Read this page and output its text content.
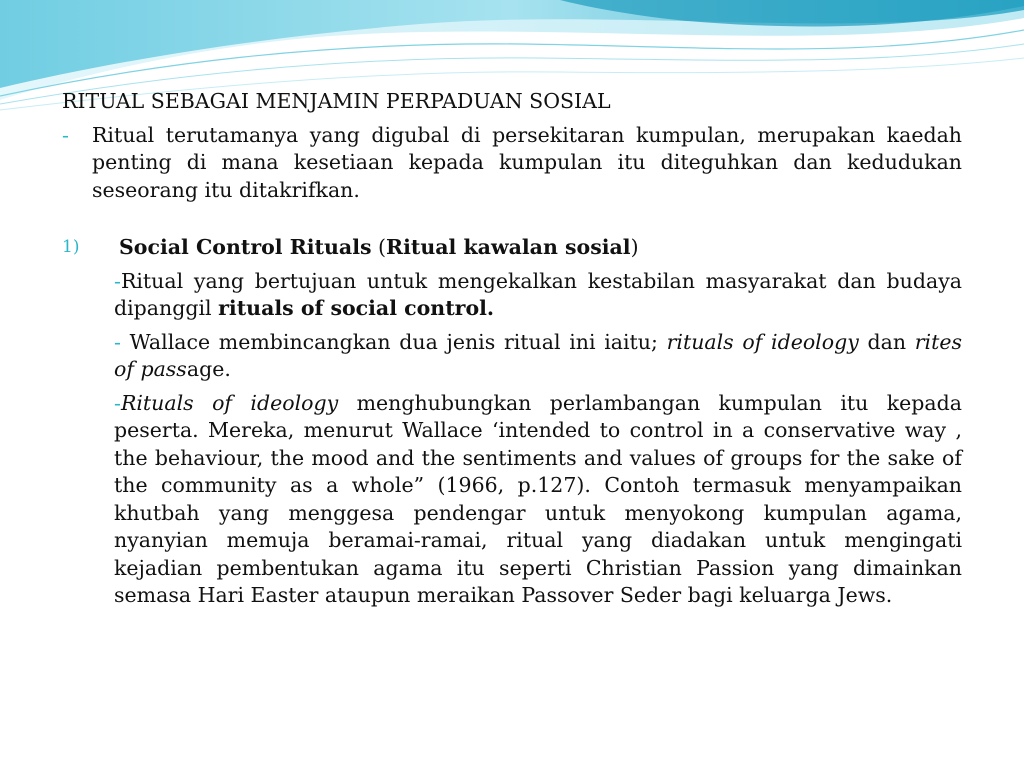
RITUAL SEBAGAI MENJAMIN PERPADUAN SOSIAL
- Ritual terutamanya yang digubal di persekitaran kumpulan, merupakan kaedah penting di mana kesetiaan kepada kumpulan itu diteguhkan dan kedudukan seseorang itu ditakrifkan.
1) Social Control Rituals (Ritual kawalan sosial)
-Ritual yang bertujuan untuk mengekalkan kestabilan masyarakat dan budaya dipanggil rituals of social control.
- Wallace membincangkan dua jenis ritual ini iaitu; rituals of ideology dan rites of passage.
-Rituals of ideology menghubungkan perlambangan kumpulan itu kepada peserta. Mereka, menurut Wallace ‘intended to control in a conservative way , the behaviour, the mood and the sentiments and values of groups for the sake of the community as a whole” (1966, p.127). Contoh termasuk menyampaikan khutbah yang menggesa pendengar untuk menyokong kumpulan agama, nyanyian memuja beramai-ramai, ritual yang diadakan untuk mengingati kejadian pembentukan agama itu seperti Christian Passion yang dimainkan semasa Hari Easter ataupun meraikan Passover Seder bagi keluarga Jews.
